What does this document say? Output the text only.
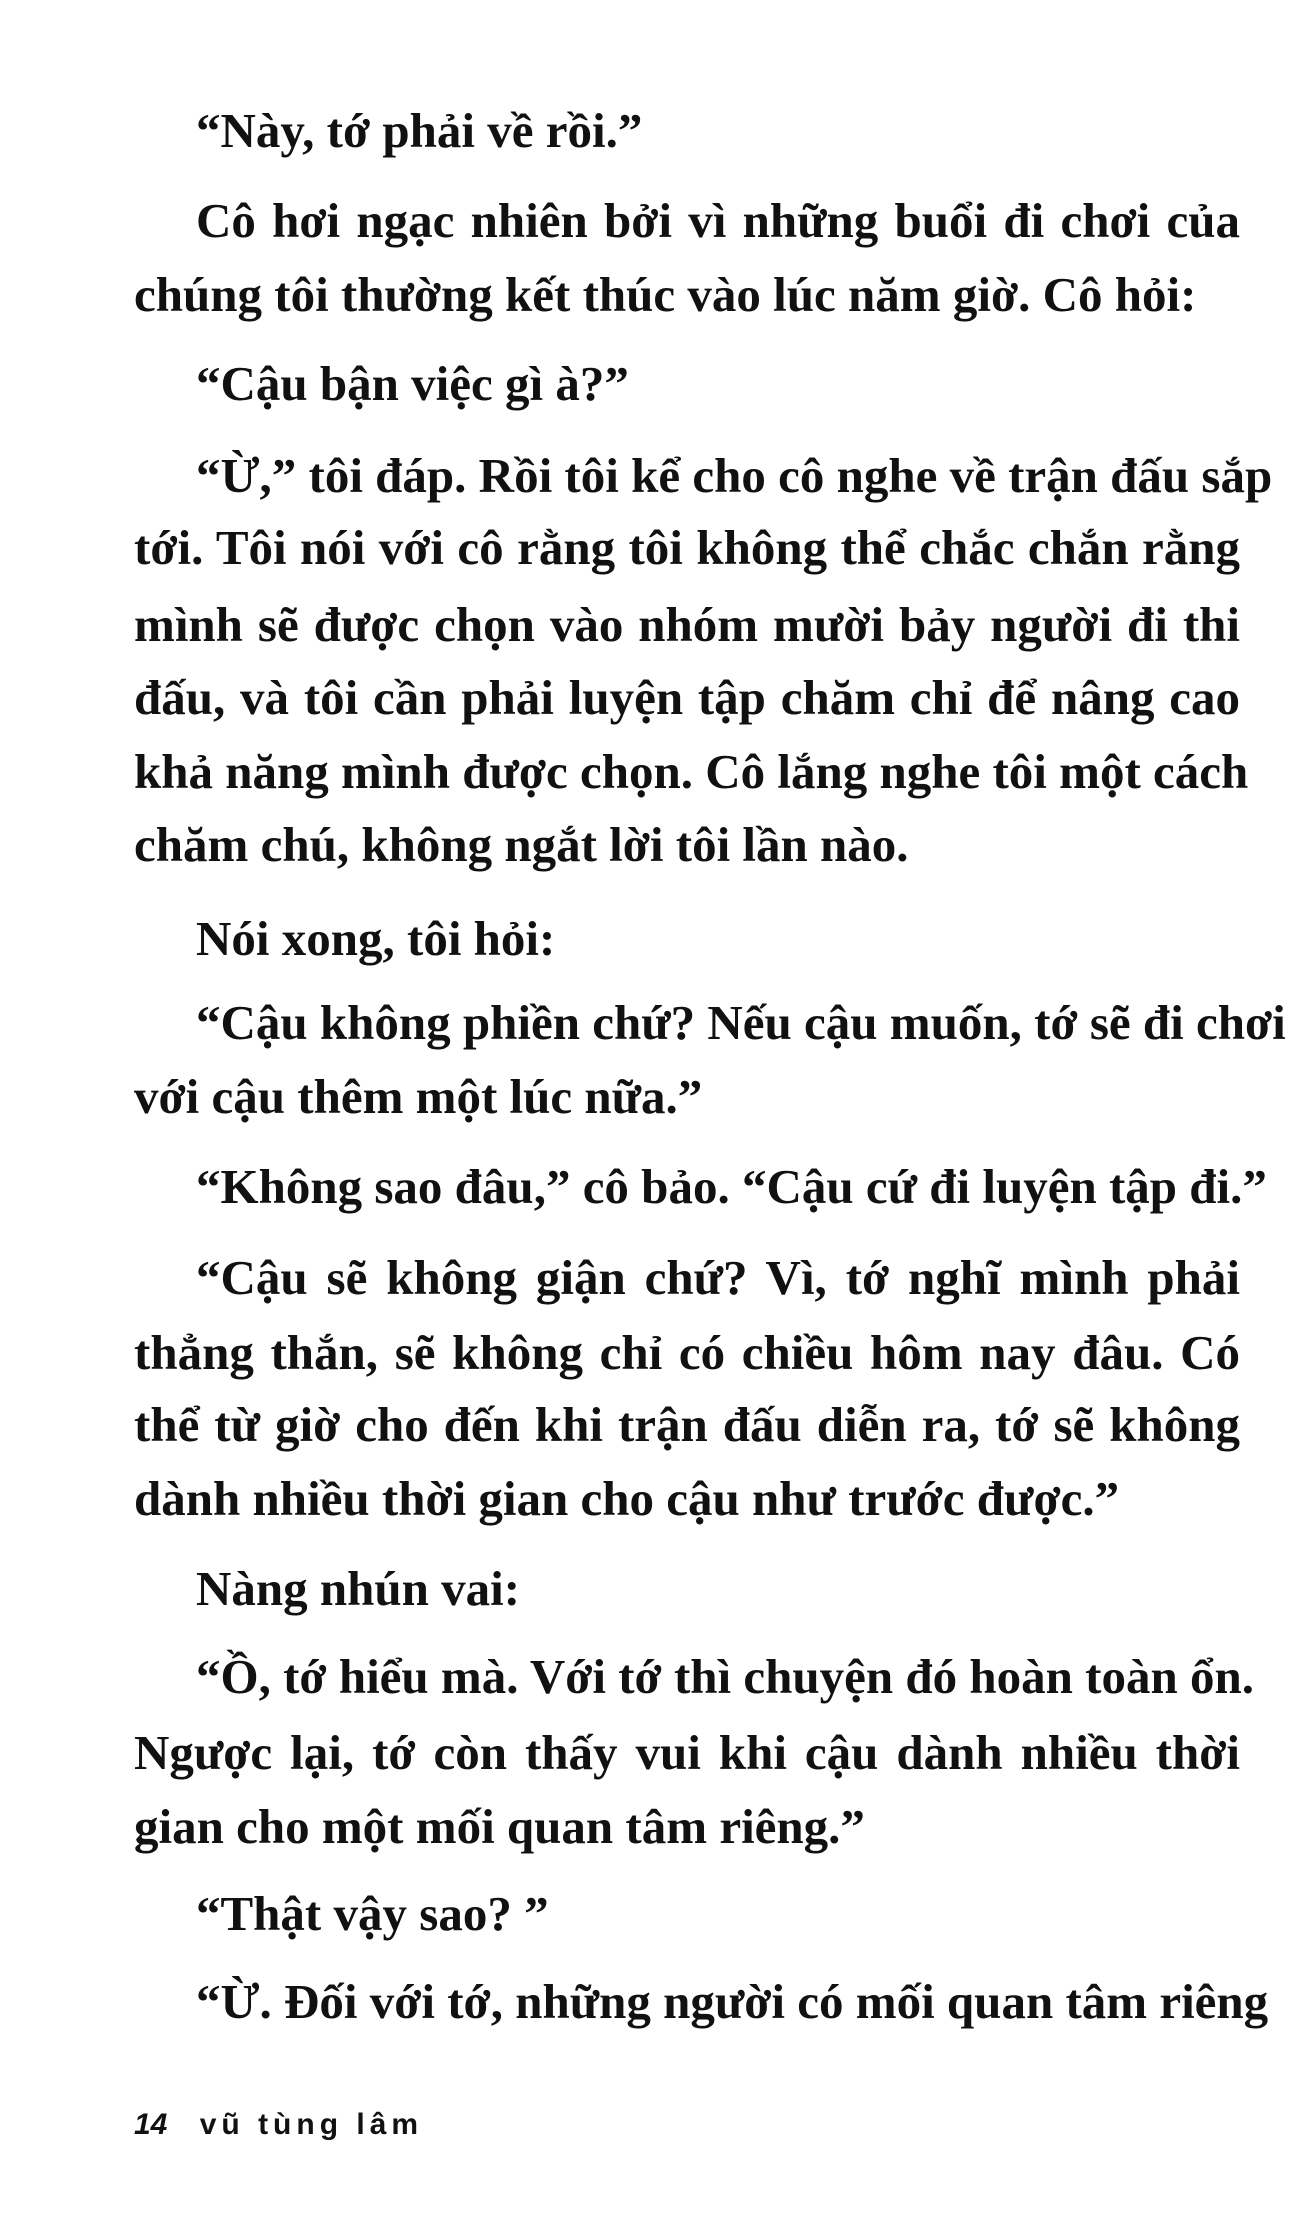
“Này, tớ phải về rồi.”
Cô hơi ngạc nhiên bởi vì những buổi đi chơi của
chúng tôi thường kết thúc vào lúc năm giờ. Cô hỏi:
“Cậu bận việc gì à?”
“Ừ,” tôi đáp. Rồi tôi kể cho cô nghe về trận đấu sắp
tới. Tôi nói với cô rằng tôi không thể chắc chắn rằng
mình sẽ được chọn vào nhóm mười bảy người đi thi
đấu, và tôi cần phải luyện tập chăm chỉ để nâng cao
khả năng mình được chọn. Cô lắng nghe tôi một cách
chăm chú, không ngắt lời tôi lần nào.
Nói xong, tôi hỏi:
“Cậu không phiền chứ? Nếu cậu muốn, tớ sẽ đi chơi
với cậu thêm một lúc nữa.”
“Không sao đâu,” cô bảo. “Cậu cứ đi luyện tập đi.”
“Cậu sẽ không giận chứ? Vì, tớ nghĩ mình phải
thẳng thắn, sẽ không chỉ có chiều hôm nay đâu. Có
thể từ giờ cho đến khi trận đấu diễn ra, tớ sẽ không
dành nhiều thời gian cho cậu như trước được.”
Nàng nhún vai:
“Ồ, tớ hiểu mà. Với tớ thì chuyện đó hoàn toàn ổn.
Ngược lại, tớ còn thấy vui khi cậu dành nhiều thời
gian cho một mối quan tâm riêng.”
“Thật vậy sao? ”
“Ừ. Đối với tớ, những người có mối quan tâm riêng
14 vũ tùng lâm
